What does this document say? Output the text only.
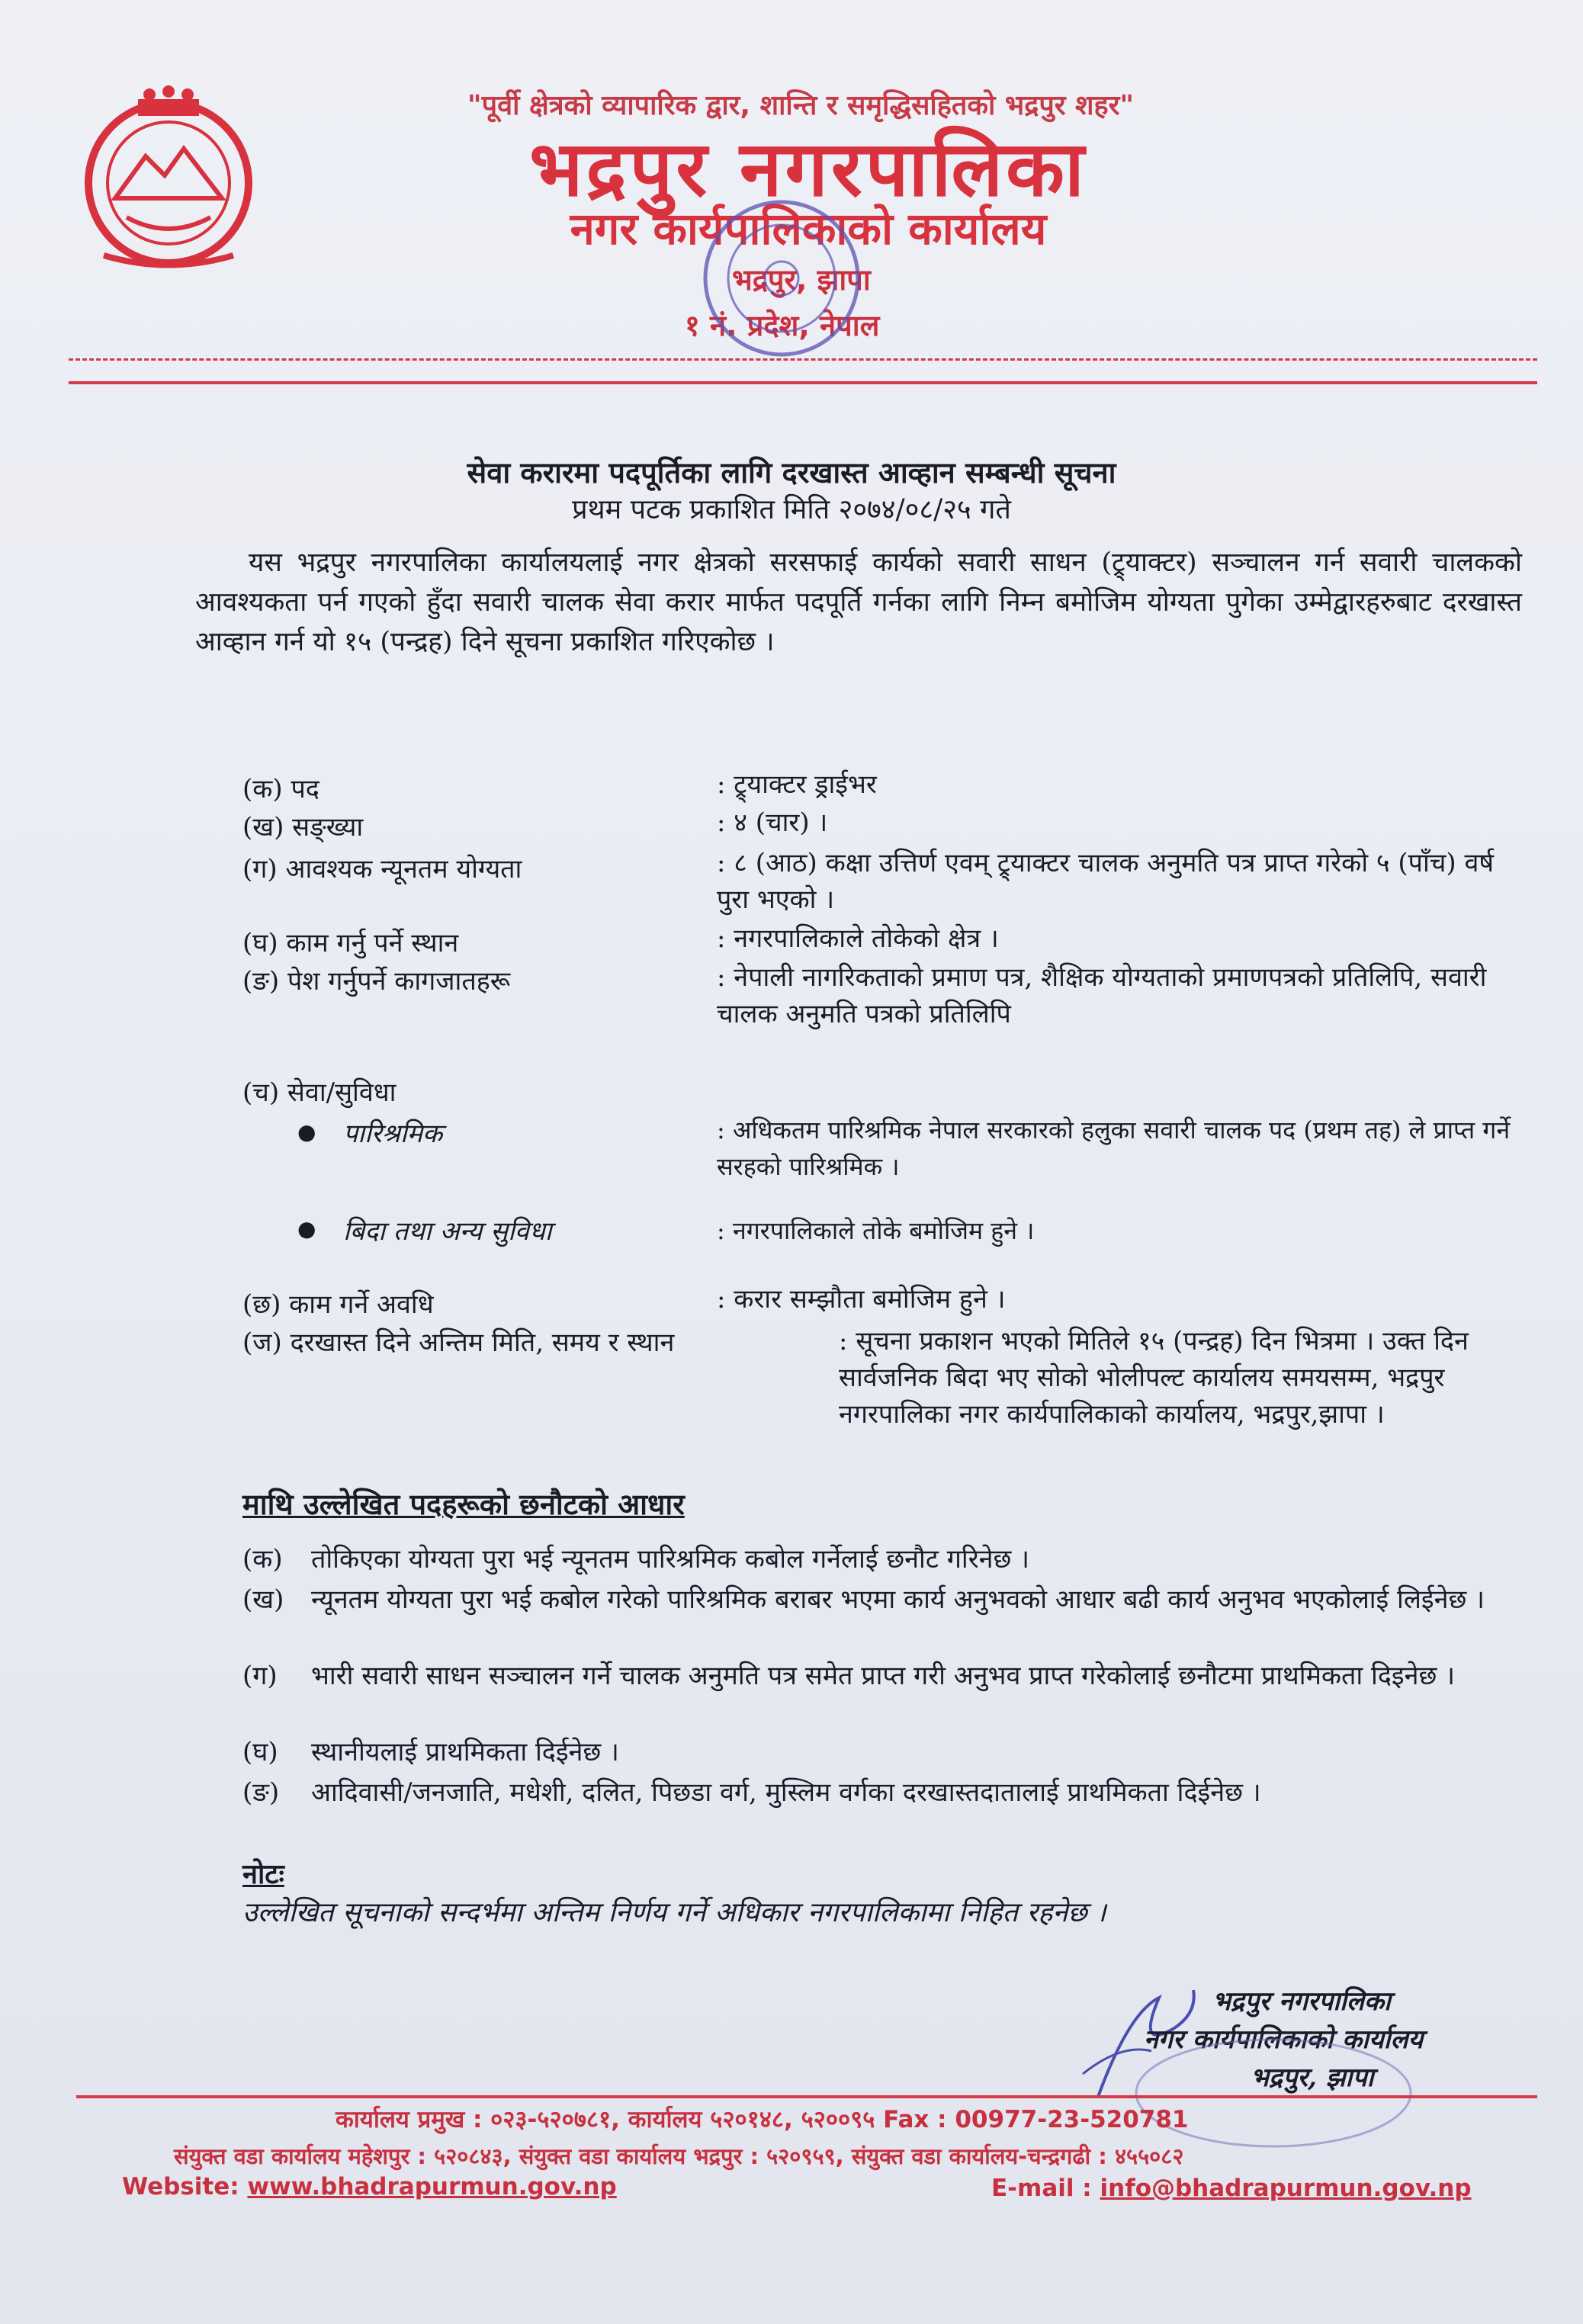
"पूर्वी क्षेत्रको व्यापारिक द्वार, शान्ति र समृद्धिसहितको भद्रपुर शहर"
भद्रपुर नगरपालिका
नगर कार्यपालिकाको कार्यालय
भद्रपुर, झापा
१ नं. प्रदेश, नेपाल
सेवा करारमा पदपूर्तिका लागि दरखास्त आव्हान सम्बन्धी सूचना
प्रथम पटक प्रकाशित मिति २०७४/०८/२५ गते
यस भद्रपुर नगरपालिका कार्यालयलाई नगर क्षेत्रको सरसफाई कार्यको सवारी साधन (ट्र्याक्टर) सञ्चालन गर्न सवारी चालकको आवश्यकता पर्न गएको हुँदा सवारी चालक सेवा करार मार्फत पदपूर्ति गर्नका लागि निम्न बमोजिम योग्यता पुगेका उम्मेद्वारहरुबाट दरखास्त आव्हान गर्न यो १५ (पन्द्रह) दिने सूचना प्रकाशित गरिएकोछ ।
(क) पद	: ट्र्याक्टर ड्राईभर
(ख) सङ्ख्या	: ४ (चार) ।
(ग) आवश्यक न्यूनतम योग्यता	: ८ (आठ) कक्षा उत्तिर्ण एवम् ट्र्याक्टर चालक अनुमति पत्र प्राप्त गरेको ५ (पाँच) वर्ष पुरा भएको ।
(घ) काम गर्नु पर्ने स्थान	: नगरपालिकाले तोकेको क्षेत्र ।
(ङ) पेश गर्नुपर्ने कागजातहरू	: नेपाली नागरिकताको प्रमाण पत्र, शैक्षिक योग्यताको प्रमाणपत्रको प्रतिलिपि, सवारी चालक अनुमति पत्रको प्रतिलिपि
(च) सेवा/सुविधा
● पारिश्रमिक	: अधिकतम पारिश्रमिक नेपाल सरकारको हलुका सवारी चालक पद (प्रथम तह) ले प्राप्त गर्ने सरहको पारिश्रमिक ।
● बिदा तथा अन्य सुविधा	: नगरपालिकाले तोके बमोजिम हुने ।
(छ) काम गर्ने अवधि	: करार सम्झौता बमोजिम हुने ।
(ज) दरखास्त दिने अन्तिम मिति, समय र स्थान	: सूचना प्रकाशन भएको मितिले १५ (पन्द्रह) दिन भित्रमा । उक्त दिन सार्वजनिक बिदा भए सोको भोलीपल्ट कार्यालय समयसम्म, भद्रपुर नगरपालिका नगर कार्यपालिकाको कार्यालय, भद्रपुर,झापा ।
माथि उल्लेखित पदहरूको छनौटको आधार
(क) तोकिएका योग्यता पुरा भई न्यूनतम पारिश्रमिक कबोल गर्नेलाई छनौट गरिनेछ ।
(ख) न्यूनतम योग्यता पुरा भई कबोल गरेको पारिश्रमिक बराबर भएमा कार्य अनुभवको आधार बढी कार्य अनुभव भएकोलाई लिईनेछ ।
(ग) भारी सवारी साधन सञ्चालन गर्ने चालक अनुमति पत्र समेत प्राप्त गरी अनुभव प्राप्त गरेकोलाई छनौटमा प्राथमिकता दिइनेछ ।
(घ) स्थानीयलाई प्राथमिकता दिईनेछ ।
(ङ) आदिवासी/जनजाति, मधेशी, दलित, पिछडा वर्ग, मुस्लिम वर्गका दरखास्तदातालाई प्राथमिकता दिईनेछ ।
नोटः
उल्लेखित सूचनाको सन्दर्भमा अन्तिम निर्णय गर्ने अधिकार नगरपालिकामा निहित रहनेछ ।
भद्रपुर नगरपालिका
नगर कार्यपालिकाको कार्यालय
भद्रपुर, झापा
कार्यालय प्रमुख : ०२३-५२०७८१, कार्यालय ५२०१४८, ५२००९५ Fax : 00977-23-520781
संयुक्त वडा कार्यालय महेशपुर : ५२०८४३, संयुक्त वडा कार्यालय भद्रपुर : ५२०९५९, संयुक्त वडा कार्यालय-चन्द्रगढी : ४५५०८२
Website: www.bhadrapurmun.gov.np	E-mail : info@bhadrapurmun.gov.np
